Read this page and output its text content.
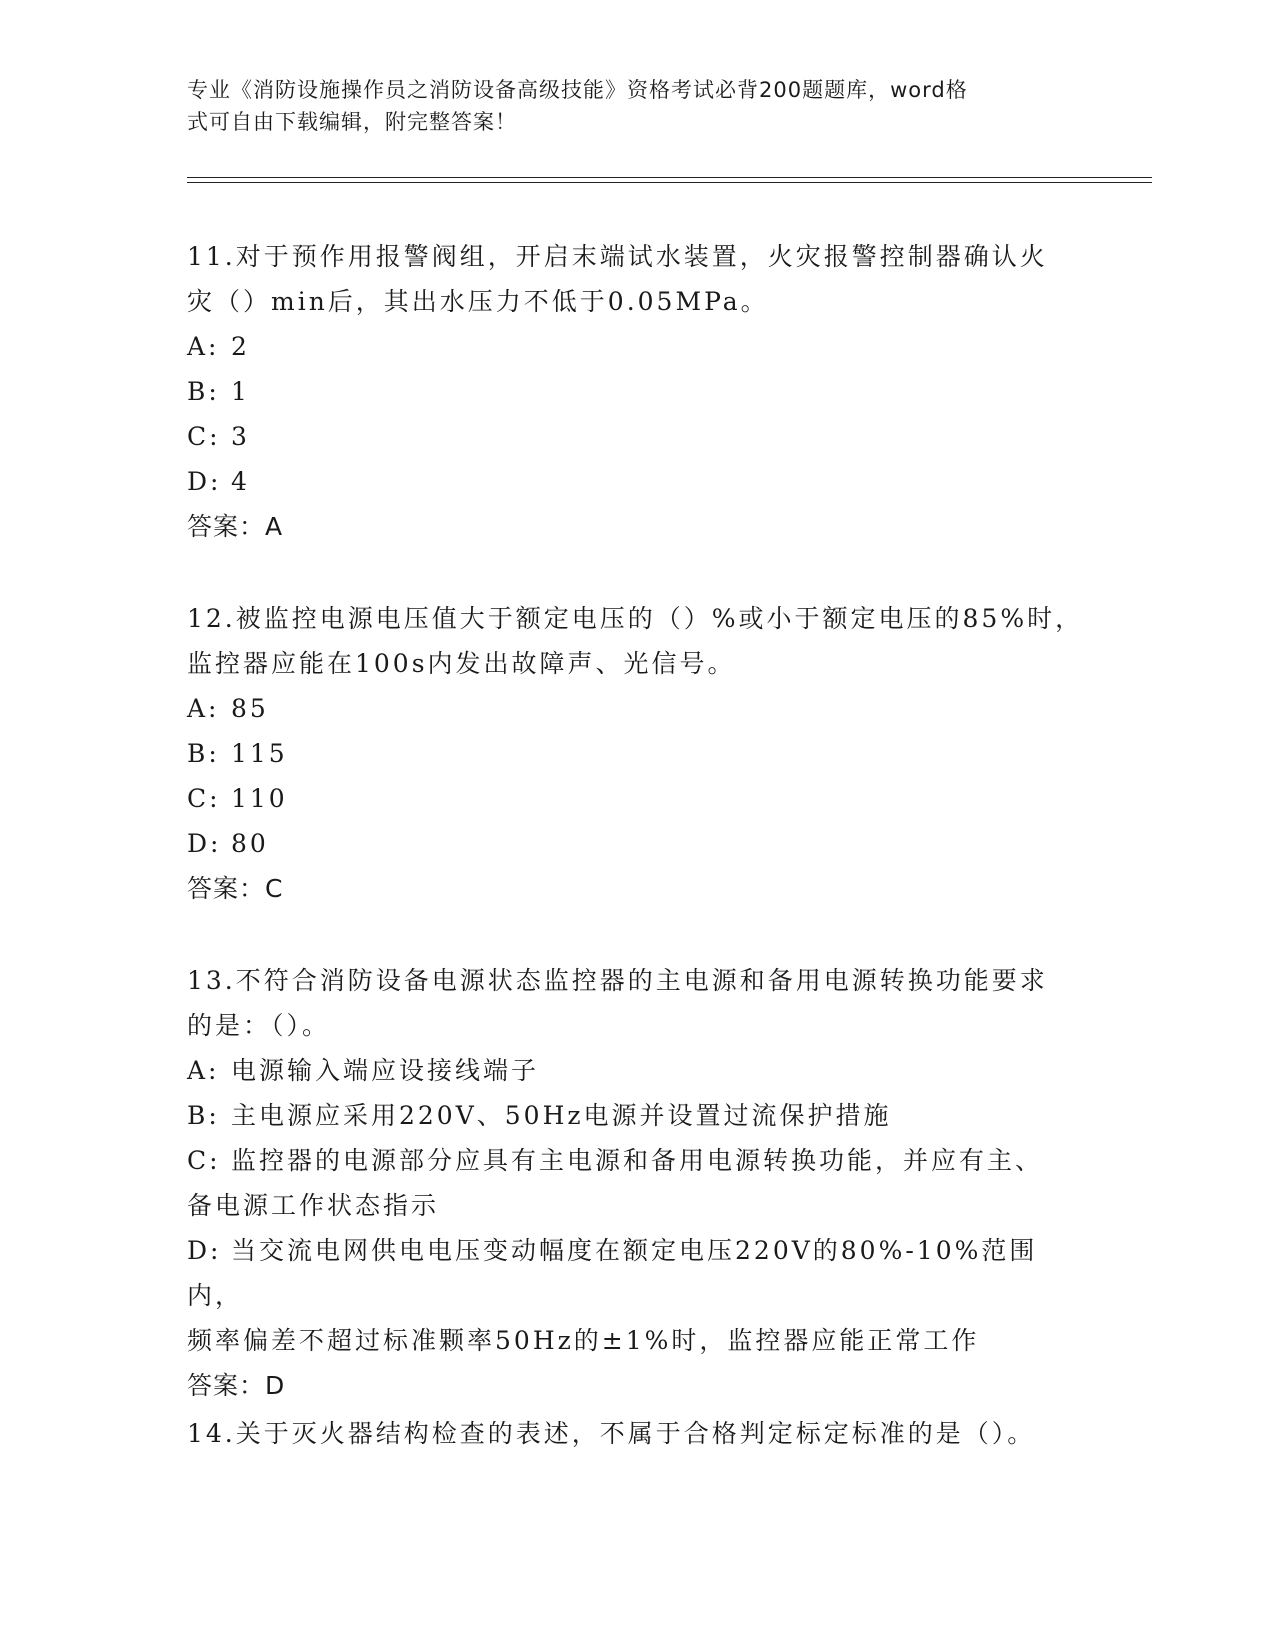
专业《消防设施操作员之消防设备高级技能》资格考试必背200题题库，word格
式可自由下载编辑，附完整答案！

11.对于预作用报警阀组，开启末端试水装置，火灾报警控制器确认火

灾（）min后，其出水压力不低于0.05MPa。

A: 2

B: 1

C: 3

D: 4

答案：A

12.被监控电源电压值大于额定电压的（）%或小于额定电压的85%时，

监控器应能在100s内发出故障声、光信号。

A: 85

B: 115

C: 110

D: 80

答案：C

13.不符合消防设备电源状态监控器的主电源和备用电源转换功能要求

的是：（）。

A: 电源输入端应设接线端子

B: 主电源应采用220V、50Hz电源并设置过流保护措施

C: 监控器的电源部分应具有主电源和备用电源转换功能，并应有主、

备电源工作状态指示

D: 当交流电网供电电压变动幅度在额定电压220V的80%-10%范围内，

频率偏差不超过标准颗率50Hz的±1%时，监控器应能正常工作

答案：D

14.关于灭火器结构检查的表述，不属于合格判定标定标准的是（）。
